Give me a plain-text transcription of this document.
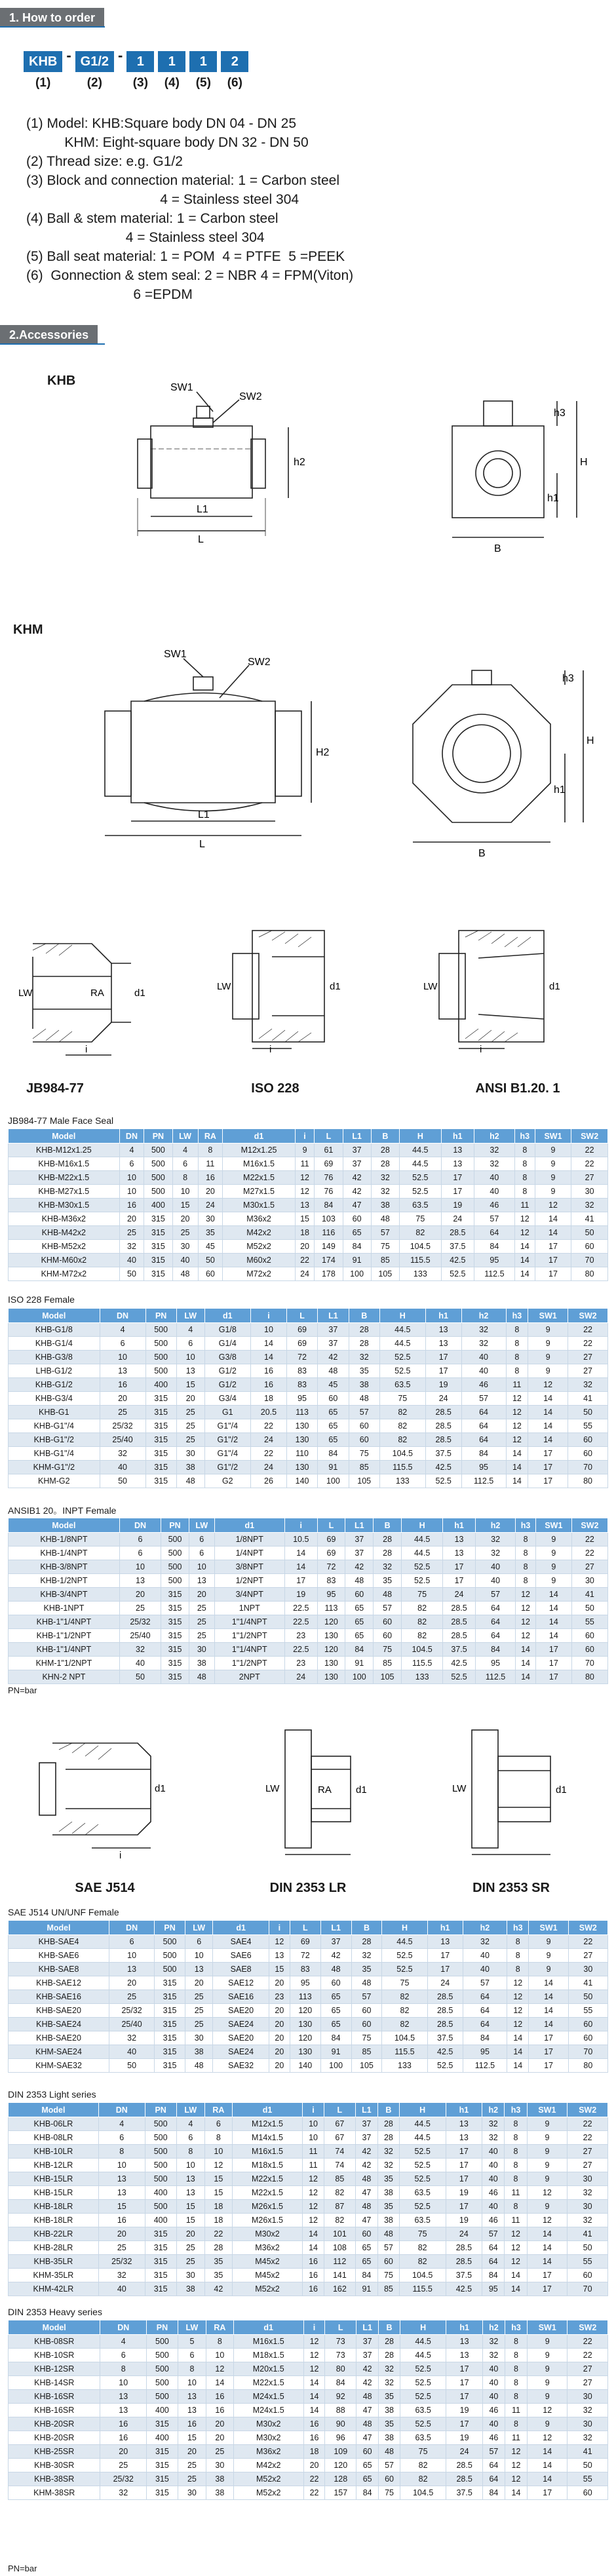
1. How to order
KHB
(1)
- G1/2
(2)
-	1
(3)
1
(4)
1
(5)
2
(6)
(1) Model: KHB:Square body DN 04 - DN 25
KHM: Eight-square body DN 32 - DN 50
(2) Thread size: e.g. G1/2
(3) Block and connection material: 1 = Carbon steel
4 = Stainless steel 304
(4) Ball & stem material: 1 = Carbon steel
4 = Stainless steel 304
(5) Ball seat material: 1 = POM  4 = PTFE  5 =PEEK
(6)  Gonnection & stem seal: 2 = NBR 4 = FPM(Viton)
6 =EPDM
2.Accessories
KHB	SW1
SW2
h2
L1
L
h3
H
h1
B
KHM
SW1
SW2
H2
L1
L
h3
H
h1
B
LW	RA	d1
i
LW	d1
i
LW	d1
i
JB984-77	ISO 228	ANSI B1.20. 1
JB984-77 Male Face Seal
Model	DN	PN	LW	RA	d1	i	L	L1	B	H	h1	h2	h3	SW1	SW2
KHB-M12x1.25	4	500	4	8	M12x1.25	9	61	37	28	44.5	13	32	8	9	22
KHB-M16x1.5	6	500	6	11	M16x1.5	11	69	37	28	44.5	13	32	8	9	22
KHB-M22x1.5	10	500	8	16	M22x1.5	12	76	42	32	52.5	17	40	8	9	27
KHB-M27x1.5	10	500	10	20	M27x1.5	12	76	42	32	52.5	17	40	8	9	30
KHB-M30x1.5	16	400	15	24	M30x1.5	13	84	47	38	63.5	19	46	11	12	32
KHB-M36x2	20	315	20	30	M36x2	15	103	60	48	75	24	57	12	14	41
KHB-M42x2	25	315	25	35	M42x2	18	116	65	57	82	28.5	64	12	14	50
KHB-M52x2	32	315	30	45	M52x2	20	149	84	75	104.5	37.5	84	14	17	60
KHM-M60x2	40	315	40	50	M60x2	22	174	91	85	115.5	42.5	95	14	17	70
KHM-M72x2	50	315	48	60	M72x2	24	178	100	105	133	52.5	112.5	14	17	80
ISO 228 Female
Model	DN	PN	LW	d1	i	L	L1	B	H	h1	h2	h3	SW1	SW2
KHB-G1/8	4	500	4	G1/8	10	69	37	28	44.5	13	32	8	9	22
KHB-G1/4	6	500	6	G1/4	14	69	37	28	44.5	13	32	8	9	22
KHB-G3/8	10	500	10	G3/8	14	72	42	32	52.5	17	40	8	9	27
LHB-G1/2	13	500	13	G1/2	16	83	48	35	52.5	17	40	8	9	27
KHB-G1/2	16	400	15	G1/2	16	83	45	38	63.5	19	46	11	12	32
KHB-G3/4	20	315	20	G3/4	18	95	60	48	75	24	57	12	14	41
KHB-G1	25	315	25	G1	20.5	113	65	57	82	28.5	64	12	14	50
KHB-G1"/4	25/32	315	25	G1"/4	22	130	65	60	82	28.5	64	12	14	55
KHB-G1"/2	25/40	315	25	G1"/2	24	130	65	60	82	28.5	64	12	14	60
KHB-G1"/4	32	315	30	G1"/4	22	110	84	75	104.5	37.5	84	14	17	60
KHM-G1"/2	40	315	38	G1"/2	24	130	91	85	115.5	42.5	95	14	17	70
KHM-G2	50	315	48	G2	26	140	100	105	133	52.5	112.5	14	17	80
ANSIB1 20。INPT Female
Model	DN	PN	LW	d1	i	L	L1	B	H	h1	h2	h3	SW1	SW2
KHB-1/8NPT	6	500	6	1/8NPT	10.5	69	37	28	44.5	13	32	8	9	22
KHB-1/4NPT	6	500	6	1/4NPT	14	69	37	28	44.5	13	32	8	9	22
KHB-3/8NPT	10	500	10	3/8NPT	14	72	42	32	52.5	17	40	8	9	27
KHB-1/2NPT	13	500	13	1/2NPT	17	83	48	35	52.5	17	40	8	9	30
KHB-3/4NPT	20	315	20	3/4NPT	19	95	60	48	75	24	57	12	14	41
KHB-1NPT	25	315	25	1NPT	22.5	113	65	57	82	28.5	64	12	14	50
KHB-1"1/4NPT	25/32	315	25	1"1/4NPT	22.5	120	65	60	82	28.5	64	12	14	55
KHB-1"1/2NPT	25/40	315	25	1"1/2NPT	23	130	65	60	82	28.5	64	12	14	60
KHB-1"1/4NPT	32	315	30	1"1/4NPT	22.5	120	84	75	104.5	37.5	84	14	17	60
KHM-1"1/2NPT	40	315	38	1"1/2NPT	23	130	91	85	115.5	42.5	95	14	17	70
KHN-2 NPT	50	315	48	2NPT	24	130	100	105	133	52.5	112.5	14	17	80
PN=bar
d1
i
LW	RA d1	LW	d1
SAE J514	DIN 2353 LR	DIN 2353 SR
SAE J514 UN/UNF Female
Model	DN	PN	LW	d1	i	L	L1	B	H	h1	h2	h3	SW1	SW2
KHB-SAE4	6	500	6	SAE4	12	69	37	28	44.5	13	32	8	9	22
KHB-SAE6	10	500	10	SAE6	13	72	42	32	52.5	17	40	8	9	27
KHB-SAE8	13	500	13	SAE8	15	83	48	35	52.5	17	40	8	9	30
KHB-SAE12	20	315	20	SAE12	20	95	60	48	75	24	57	12	14	41
KHB-SAE16	25	315	25	SAE16	23	113	65	57	82	28.5	64	12	14	50
KHB-SAE20	25/32	315	25	SAE20	20	120	65	60	82	28.5	64	12	14	55
KHB-SAE24	25/40	315	25	SAE24	20	130	65	60	82	28.5	64	12	14	60
KHB-SAE20	32	315	30	SAE20	20	120	84	75	104.5	37.5	84	14	17	60
KHM-SAE24	40	315	38	SAE24	20	130	91	85	115.5	42.5	95	14	17	70
KHM-SAE32	50	315	48	SAE32	20	140	100	105	133	52.5	112.5	14	17	80
DIN 2353 Light series
Model	DN	PN	LW	RA	d1	i	L	L1	B	H	h1	h2	h3	SW1	SW2
KHB-06LR	4	500	4	6	M12x1.5	10	67	37	28	44.5	13	32	8	9	22
KHB-08LR	6	500	6	8	M14x1.5	10	67	37	28	44.5	13	32	8	9	22
KHB-10LR	8	500	8	10	M16x1.5	11	74	42	32	52.5	17	40	8	9	27
KHB-12LR	10	500	10	12	M18x1.5	11	74	42	32	52.5	17	40	8	9	27
KHB-15LR	13	500	13	15	M22x1.5	12	85	48	35	52.5	17	40	8	9	30
KHB-15LR	13	400	13	15	M22x1.5	12	82	47	38	63.5	19	46	11	12	32
KHB-18LR	15	500	15	18	M26x1.5	12	87	48	35	52.5	17	40	8	9	30
KHB-18LR	16	400	15	18	M26x1.5	12	82	47	38	63.5	19	46	11	12	32
KHB-22LR	20	315	20	22	M30x2	14	101	60	48	75	24	57	12	14	41
KHB-28LR	25	315	25	28	M36x2	14	108	65	57	82	28.5	64	12	14	50
KHB-35LR	25/32	315	25	35	M45x2	16	112	65	60	82	28.5	64	12	14	55
KHM-35LR	32	315	30	35	M45x2	16	141	84	75	104.5	37.5	84	14	17	60
KHM-42LR	40	315	38	42	M52x2	16	162	91	85	115.5	42.5	95	14	17	70
DIN 2353 Heavy series
Model	DN	PN	LW	RA	d1	i	L	L1	B	H	h1	h2	h3	SW1	SW2
KHB-08SR	4	500	5	8	M16x1.5	12	73	37	28	44.5	13	32	8	9	22
KHB-10SR	6	500	6	10	M18x1.5	12	73	37	28	44.5	13	32	8	9	22
KHB-12SR	8	500	8	12	M20x1.5	12	80	42	32	52.5	17	40	8	9	27
KHB-14SR	10	500	10	14	M22x1.5	14	84	42	32	52.5	17	40	8	9	27
KHB-16SR	13	500	13	16	M24x1.5	14	92	48	35	52.5	17	40	8	9	30
KHB-16SR	13	400	13	16	M24x1.5	14	88	47	38	63.5	19	46	11	12	32
KHB-20SR	16	315	16	20	M30x2	16	90	48	35	52.5	17	40	8	9	30
KHB-20SR	16	400	15	20	M30x2	16	96	47	38	63.5	19	46	11	12	32
KHB-25SR	20	315	20	25	M36x2	18	109	60	48	75	24	57	12	14	41
KHB-30SR	25	315	25	30	M42x2	20	120	65	57	82	28.5	64	12	14	50
KHB-38SR	25/32	315	25	38	M52x2	22	128	65	60	82	28.5	64	12	14	55
KHM-38SR	32	315	30	38	M52x2	22	157	84	75	104.5	37.5	84	14	17	60
PN=bar
